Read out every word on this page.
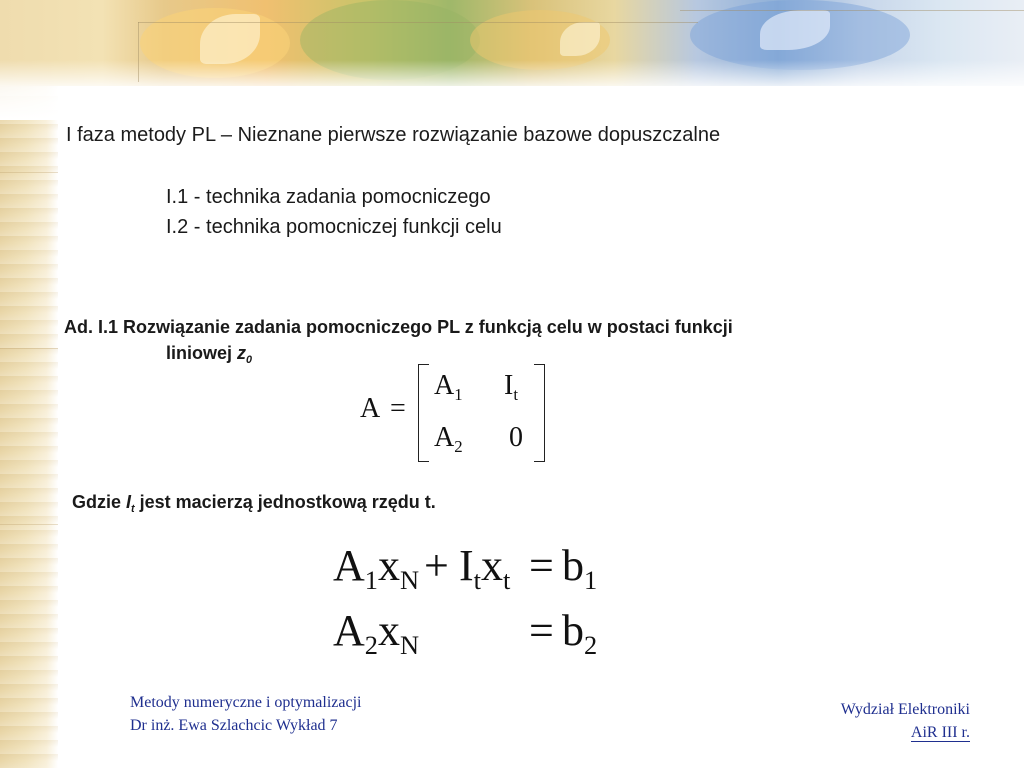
I faza metody PL – Nieznane pierwsze rozwiązanie bazowe dopuszczalne
I.1 - technika zadania pomocniczego
I.2 - technika pomocniczej funkcji celu
Ad. I.1 Rozwiązanie zadania pomocniczego PL z funkcją celu w postaci funkcji
liniowej $z_0$
A =
$A_1$ $I_t$
$A_2$ 0
Gdzie $I_t$ jest macierzą jednostkową rzędu t.
$A_1x_N + I_tx_t = b_1$
$A_2x_N = b_2$
Metody numeryczne i optymalizacji
Dr inż. Ewa Szlachcic Wykład 7
Wydział Elektroniki
AiR III r.
